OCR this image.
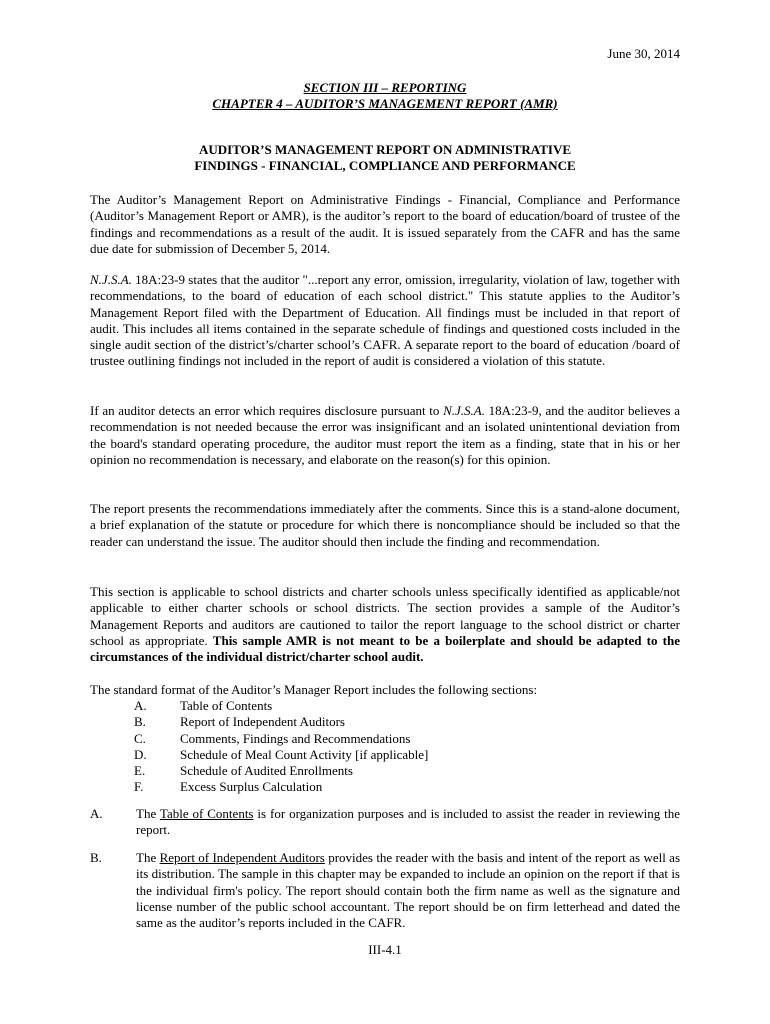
June 30, 2014
SECTION III – REPORTING
CHAPTER 4 – AUDITOR’S MANAGEMENT REPORT (AMR)
AUDITOR’S MANAGEMENT REPORT ON ADMINISTRATIVE
FINDINGS - FINANCIAL, COMPLIANCE AND PERFORMANCE

The Auditor’s Management Report on Administrative Findings - Financial, Compliance and Performance (Auditor’s Management Report or AMR), is the auditor’s report to the board of education/board of trustee of the findings and recommendations as a result of the audit. It is issued separately from the CAFR and has the same due date for submission of December 5, 2014.

N.J.S.A. 18A:23-9 states that the auditor "...report any error, omission, irregularity, violation of law, together with recommendations, to the board of education of each school district." This statute applies to the Auditor’s Management Report filed with the Department of Education. All findings must be included in that report of audit. This includes all items contained in the separate schedule of findings and questioned costs included in the single audit section of the district’s/charter school’s CAFR. A separate report to the board of education /board of trustee outlining findings not included in the report of audit is considered a violation of this statute.

If an auditor detects an error which requires disclosure pursuant to N.J.S.A. 18A:23-9, and the auditor believes a recommendation is not needed because the error was insignificant and an isolated unintentional deviation from the board's standard operating procedure, the auditor must report the item as a finding, state that in his or her opinion no recommendation is necessary, and elaborate on the reason(s) for this opinion.

The report presents the recommendations immediately after the comments. Since this is a stand-alone document, a brief explanation of the statute or procedure for which there is noncompliance should be included so that the reader can understand the issue. The auditor should then include the finding and recommendation.

This section is applicable to school districts and charter schools unless specifically identified as applicable/not applicable to either charter schools or school districts. The section provides a sample of the Auditor’s Management Reports and auditors are cautioned to tailor the report language to the school district or charter school as appropriate. This sample AMR is not meant to be a boilerplate and should be adapted to the circumstances of the individual district/charter school audit.

The standard format of the Auditor’s Manager Report includes the following sections:

A.	Table of Contents
B.	Report of Independent Auditors
C.	Comments, Findings and Recommendations
D.	Schedule of Meal Count Activity [if applicable]
E.	Schedule of Audited Enrollments
F.	Excess Surplus Calculation
A.	The Table of Contents is for organization purposes and is included to assist the reader in reviewing the report.
B.	The Report of Independent Auditors provides the reader with the basis and intent of the report as well as its distribution. The sample in this chapter may be expanded to include an opinion on the report if that is the individual firm's policy. The report should contain both the firm name as well as the signature and license number of the public school accountant. The report should be on firm letterhead and dated the same as the auditor’s reports included in the CAFR.
III-4.1
